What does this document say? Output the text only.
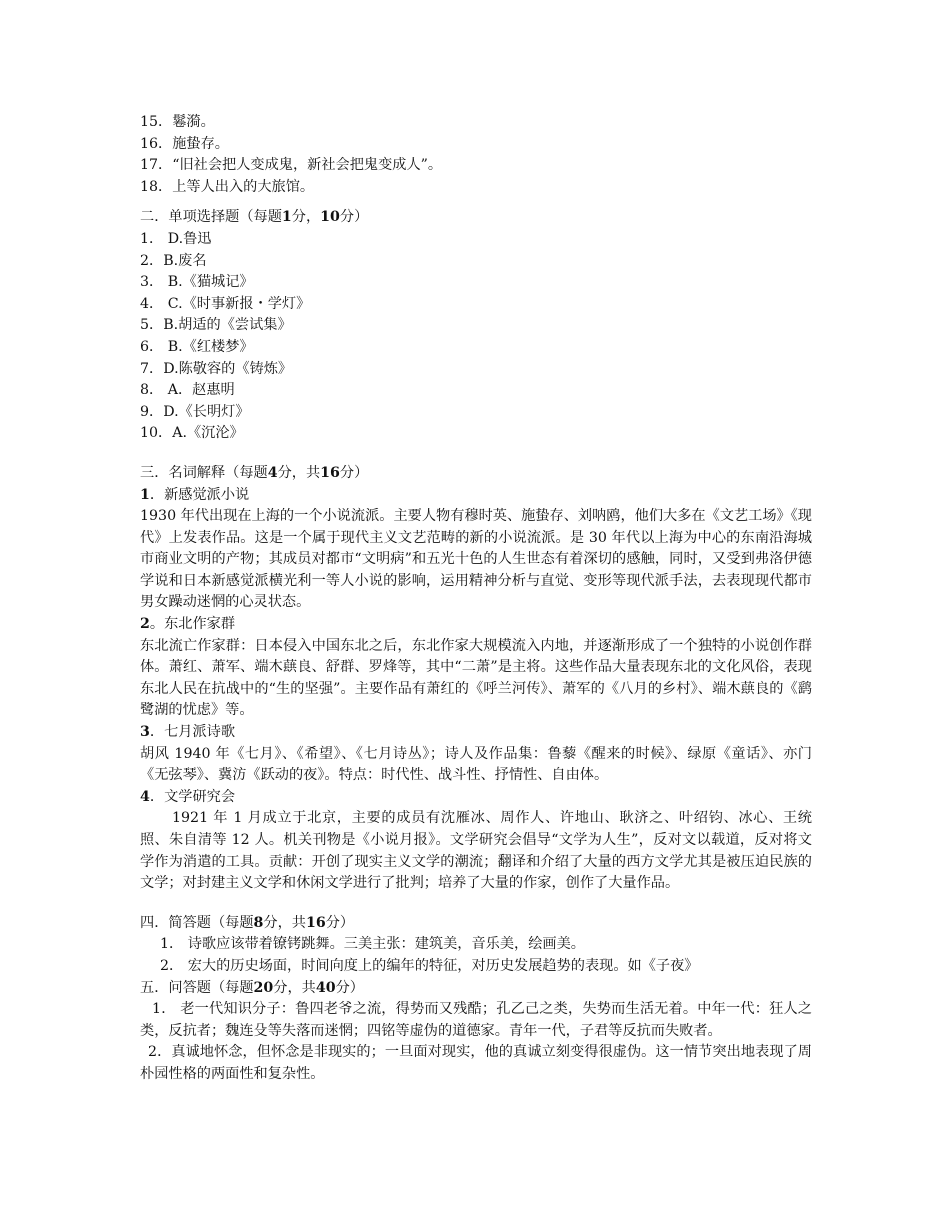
15．鬈漪。
16．施蛰存。
17．“旧社会把人变成鬼，新社会把鬼变成人”。
18．上等人出入的大旅馆。
二．单项选择题（每题1分，10分）
1． D.鲁迅
2．B.废名
3． B.《猫城记》
4． C.《时事新报・学灯》
5．B.胡适的《尝试集》
6． B.《红楼梦》
7．D.陈敬容的《铸炼》
8． A．赵惠明
9．D.《长明灯》
10．A.《沉沦》
三．名词解释（每题4分，共16分）
1．新感觉派小说
1930 年代出现在上海的一个小说流派。主要人物有穆时英、施蛰存、刘呐鸥，他们大多在《文艺工场》《现代》上发表作品。这是一个属于现代主义文艺范畴的新的小说流派。是 30 年代以上海为中心的东南沿海城市商业文明的产物；其成员对都市“文明病”和五光十色的人生世态有着深切的感触，同时，又受到弗洛伊德学说和日本新感觉派横光利一等人小说的影响，运用精神分析与直觉、变形等现代派手法，去表现现代都市男女躁动迷惘的心灵状态。
2。东北作家群
东北流亡作家群：日本侵入中国东北之后，东北作家大规模流入内地，并逐渐形成了一个独特的小说创作群体。萧红、萧军、端木蕻良、舒群、罗烽等，其中“二萧”是主将。这些作品大量表现东北的文化风俗，表现东北人民在抗战中的“生的坚强”。主要作品有萧红的《呼兰河传》、萧军的《八月的乡村》、端木蕻良的《鹞鹭湖的忧虑》等。
3．七月派诗歌
胡风 1940 年《七月》、《希望》、《七月诗丛》；诗人及作品集：鲁藜《醒来的时候》、绿原《童话》、亦门《无弦琴》、冀汸《跃动的夜》。特点：时代性、战斗性、抒情性、自由体。
4．文学研究会
1921 年 1 月成立于北京，主要的成员有沈雁冰、周作人、许地山、耿济之、叶绍钧、冰心、王统照、朱自清等 12 人。机关刊物是《小说月报》。文学研究会倡导“文学为人生”，反对文以载道，反对将文学作为消遣的工具。贡献：开创了现实主义文学的潮流；翻译和介绍了大量的西方文学尤其是被压迫民族的文学；对封建主义文学和休闲文学进行了批判；培养了大量的作家，创作了大量作品。
四．简答题（每题8分，共16分）
1． 诗歌应该带着镣铐跳舞。三美主张：建筑美，音乐美，绘画美。
2． 宏大的历史场面，时间向度上的编年的特征，对历史发展趋势的表现。如《子夜》
五．问答题（每题20分，共40分）
1． 老一代知识分子：鲁四老爷之流，得势而又残酷；孔乙己之类，失势而生活无着。中年一代：狂人之类，反抗者；魏连殳等失落而迷惘；四铭等虚伪的道德家。青年一代，子君等反抗而失败者。
2．真诚地怀念，但怀念是非现实的；一旦面对现实，他的真诚立刻变得很虚伪。这一情节突出地表现了周朴园性格的两面性和复杂性。
